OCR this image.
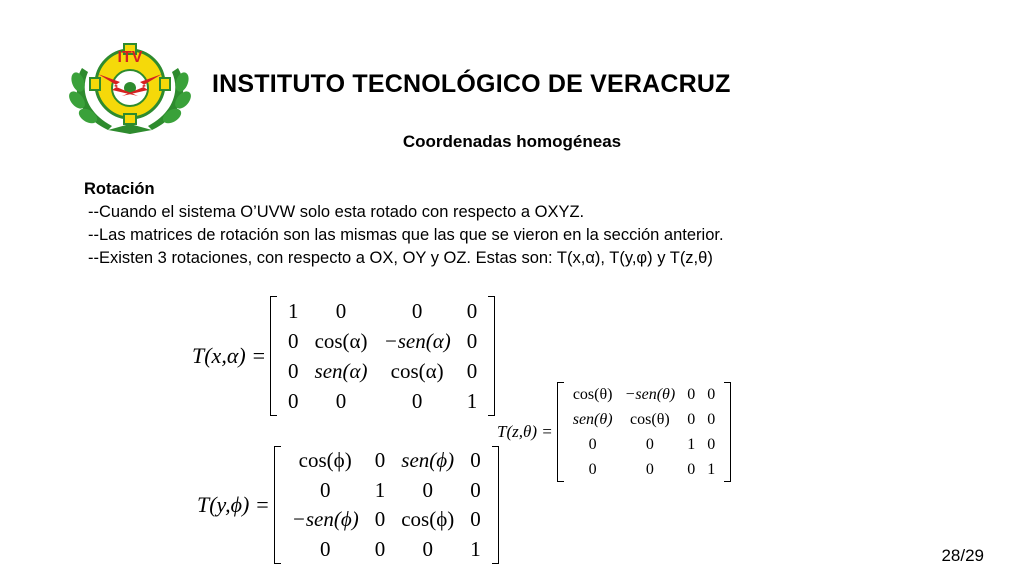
ITV
INSTITUTO TECNOLÓGICO DE VERACRUZ
Coordenadas homogéneas
Rotación
--Cuando el sistema O’UVW solo esta rotado con respecto a OXYZ.
--Las matrices de rotación son las mismas que las que se vieron en la sección anterior.
--Existen 3 rotaciones, con respecto a OX, OY y OZ. Estas son: T(x,α), T(y,φ) y T(z,θ)
T(x,α) =
1	0	0	0
0	cos(α)	−sen(α)	0
0	sen(α)	cos(α)	0
0	0	0	1
T(y,ϕ) =
cos(ϕ)	0	sen(ϕ)	0
0	1	0	0
−sen(ϕ)	0	cos(ϕ)	0
0	0	0	1
T(z,θ) =
cos(θ)	−sen(θ)	0	0
sen(θ)	cos(θ)	0	0
0	0	1	0
0	0	0	1
28/29
